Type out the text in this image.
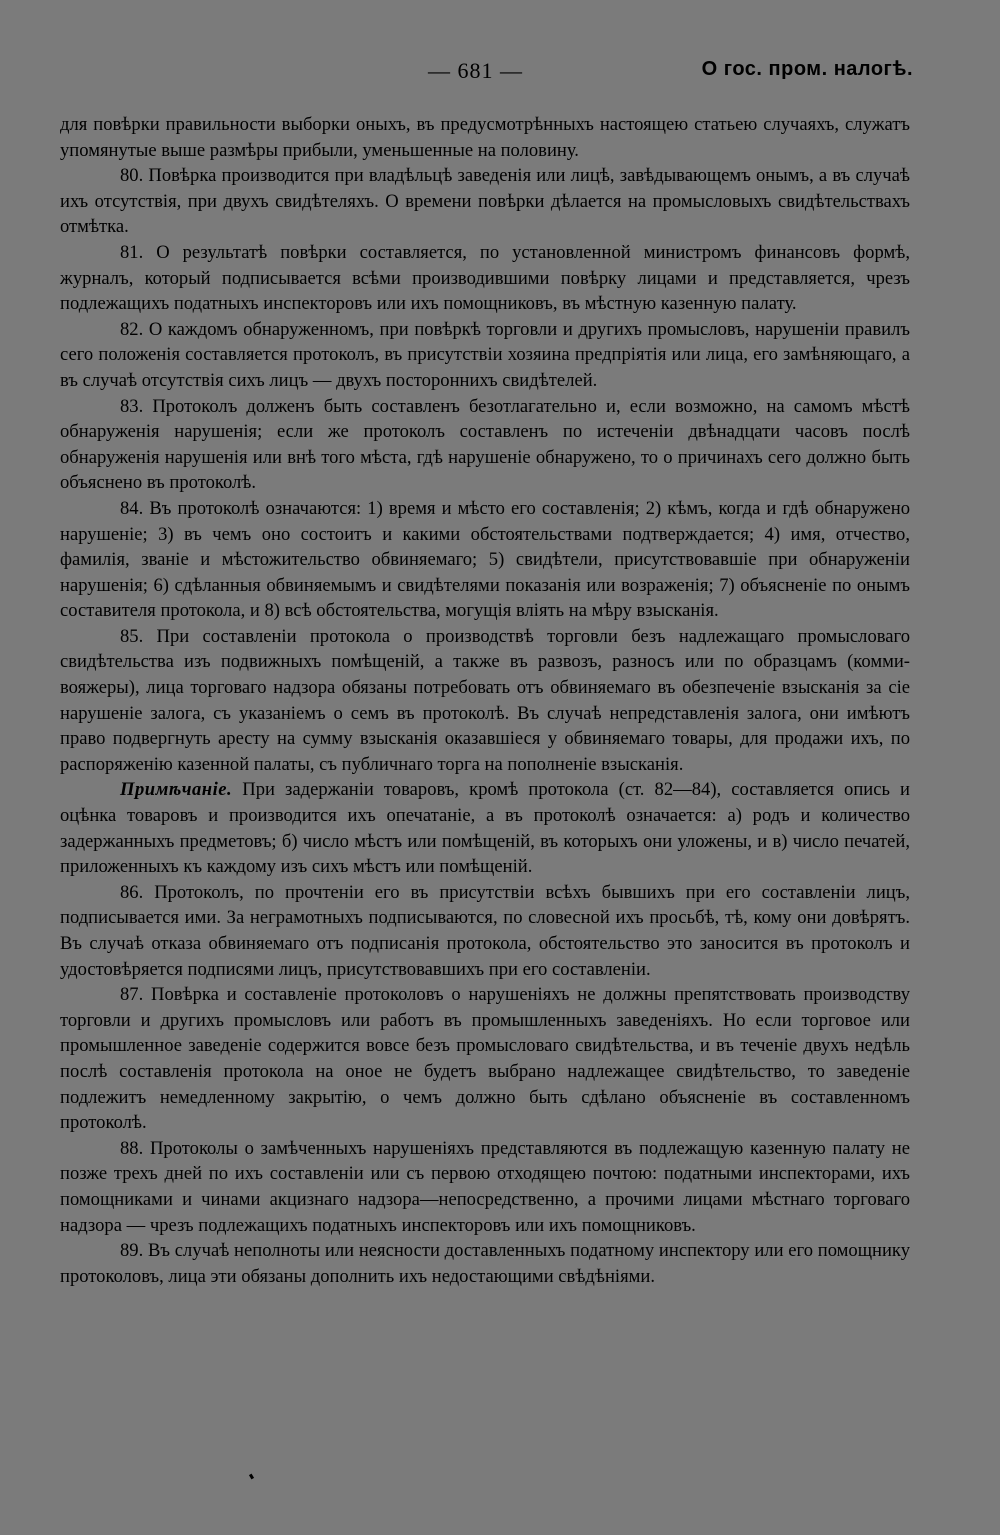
— 681 —	О гос. пром. налогѣ.

для повѣрки правильности выборки оныхъ, въ предусмотрѣнныхъ настоящею статьею случаяхъ, служатъ упомянутые выше размѣры прибыли, уменьшенные на половину.

80. Повѣрка производится при владѣльцѣ заведенія или лицѣ, завѣдывающемъ онымъ, а въ случаѣ ихъ отсутствія, при двухъ свидѣтеляхъ. О времени повѣрки дѣлается на промысловыхъ свидѣтельствахъ отмѣтка.

81. О результатѣ повѣрки составляется, по установленной министромъ финансовъ формѣ, журналъ, который подписывается всѣми производившими повѣрку лицами и представляется, чрезъ подлежащихъ податныхъ инспекторовъ или ихъ помощниковъ, въ мѣстную казенную палату.

82. О каждомъ обнаруженномъ, при повѣркѣ торговли и другихъ промысловъ, нарушеніи правилъ сего положенія составляется протоколъ, въ присутствіи хозяина предпріятія или лица, его замѣняющаго, а въ случаѣ отсутствія сихъ лицъ — двухъ постороннихъ свидѣтелей.

83. Протоколъ долженъ быть составленъ безотлагательно и, если возможно, на самомъ мѣстѣ обнаруженія нарушенія; если же протоколъ составленъ по истеченіи двѣнадцати часовъ послѣ обнаруженія нарушенія или внѣ того мѣста, гдѣ нарушеніе обнаружено, то о причинахъ сего должно быть объяснено въ протоколѣ.

84. Въ протоколѣ означаются: 1) время и мѣсто его составленія; 2) кѣмъ, когда и гдѣ обнаружено нарушеніе; 3) въ чемъ оно состоитъ и какими обстоятельствами подтверждается; 4) имя, отчество, фамилія, званіе и мѣстожительство обвиняемаго; 5) свидѣтели, присутствовавшіе при обнаруженіи нарушенія; 6) сдѣланныя обвиняемымъ и свидѣтелями показанія или возраженія; 7) объясненіе по онымъ составителя протокола, и 8) всѣ обстоятельства, могущія вліять на мѣру взысканія.

85. При составленіи протокола о производствѣ торговли безъ надлежащаго промысловаго свидѣтельства изъ подвижныхъ помѣщеній, а также въ развозъ, разносъ или по образцамъ (комми-вояжеры), лица торговаго надзора обязаны потребовать отъ обвиняемаго въ обезпеченіе взысканія за сіе нарушеніе залога, съ указаніемъ о семъ въ протоколѣ. Въ случаѣ непредставленія залога, они имѣютъ право подвергнуть аресту на сумму взысканія оказавшіеся у обвиняемаго товары, для продажи ихъ, по распоряженію казенной палаты, съ публичнаго торга на пополненіе взысканія.

Примѣчаніе. При задержаніи товаровъ, кромѣ протокола (ст. 82—84), составляется опись и оцѣнка товаровъ и производится ихъ опечатаніе, а въ протоколѣ означается: а) родъ и количество задержанныхъ предметовъ; б) число мѣстъ или помѣщеній, въ которыхъ они уложены, и в) число печатей, приложенныхъ къ каждому изъ сихъ мѣстъ или помѣщеній.

86. Протоколъ, по прочтеніи его въ присутствіи всѣхъ бывшихъ при его составленіи лицъ, подписывается ими. За неграмотныхъ подписываются, по словесной ихъ просьбѣ, тѣ, кому они довѣрятъ. Въ случаѣ отказа обвиняемаго отъ подписанія протокола, обстоятельство это заносится въ протоколъ и удостовѣряется подписями лицъ, присутствовавшихъ при его составленіи.

87. Повѣрка и составленіе протоколовъ о нарушеніяхъ не должны препятствовать производству торговли и другихъ промысловъ или работъ въ промышленныхъ заведеніяхъ. Но если торговое или промышленное заведеніе содержится вовсе безъ промысловаго свидѣтельства, и въ теченіе двухъ недѣль послѣ составленія протокола на оное не будетъ выбрано надлежащее свидѣтельство, то заведеніе подлежитъ немедленному закрытію, о чемъ должно быть сдѣлано объясненіе въ составленномъ протоколѣ.

88. Протоколы о замѣченныхъ нарушеніяхъ представляются въ подлежащую казенную палату не позже трехъ дней по ихъ составленіи или съ первою отходящею почтою: податными инспекторами, ихъ помощниками и чинами акцизнаго надзора—непосредственно, а прочими лицами мѣстнаго торговаго надзора — чрезъ подлежащихъ податныхъ инспекторовъ или ихъ помощниковъ.

89. Въ случаѣ неполноты или неясности доставленныхъ податному инспектору или его помощнику протоколовъ, лица эти обязаны дополнить ихъ недостающими свѣдѣніями.
